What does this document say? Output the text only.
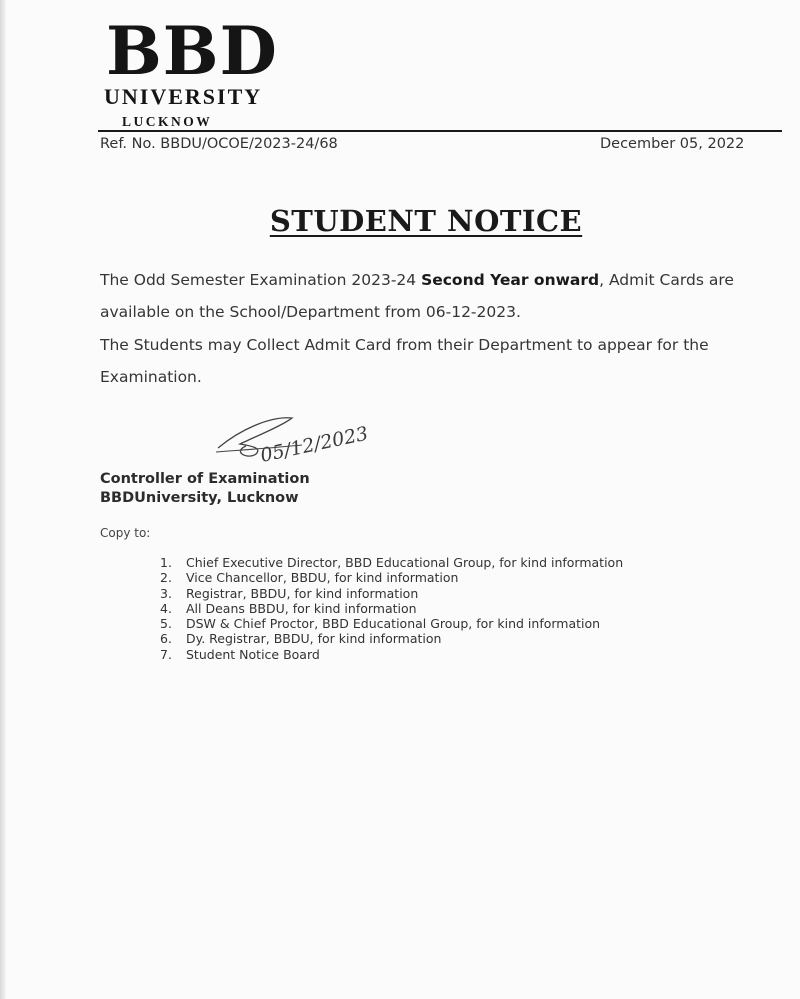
BBD
UNIVERSITY
LUCKNOW
Ref. No. BBDU/OCOE/2023-24/68	December 05, 2022
STUDENT NOTICE

The Odd Semester Examination 2023-24 Second Year onward, Admit Cards are available on the School/Department from 06-12-2023.

The Students may Collect Admit Card from their Department to appear for the Examination.

05/12/2023
Controller of Examination
BBDUniversity, Lucknow
Copy to:
1.	Chief Executive Director, BBD Educational Group, for kind information
2.	Vice Chancellor, BBDU, for kind information
3.	Registrar, BBDU, for kind information
4.	All Deans BBDU, for kind information
5.	DSW & Chief Proctor, BBD Educational Group, for kind information
6.	Dy. Registrar, BBDU, for kind information
7.	Student Notice Board
